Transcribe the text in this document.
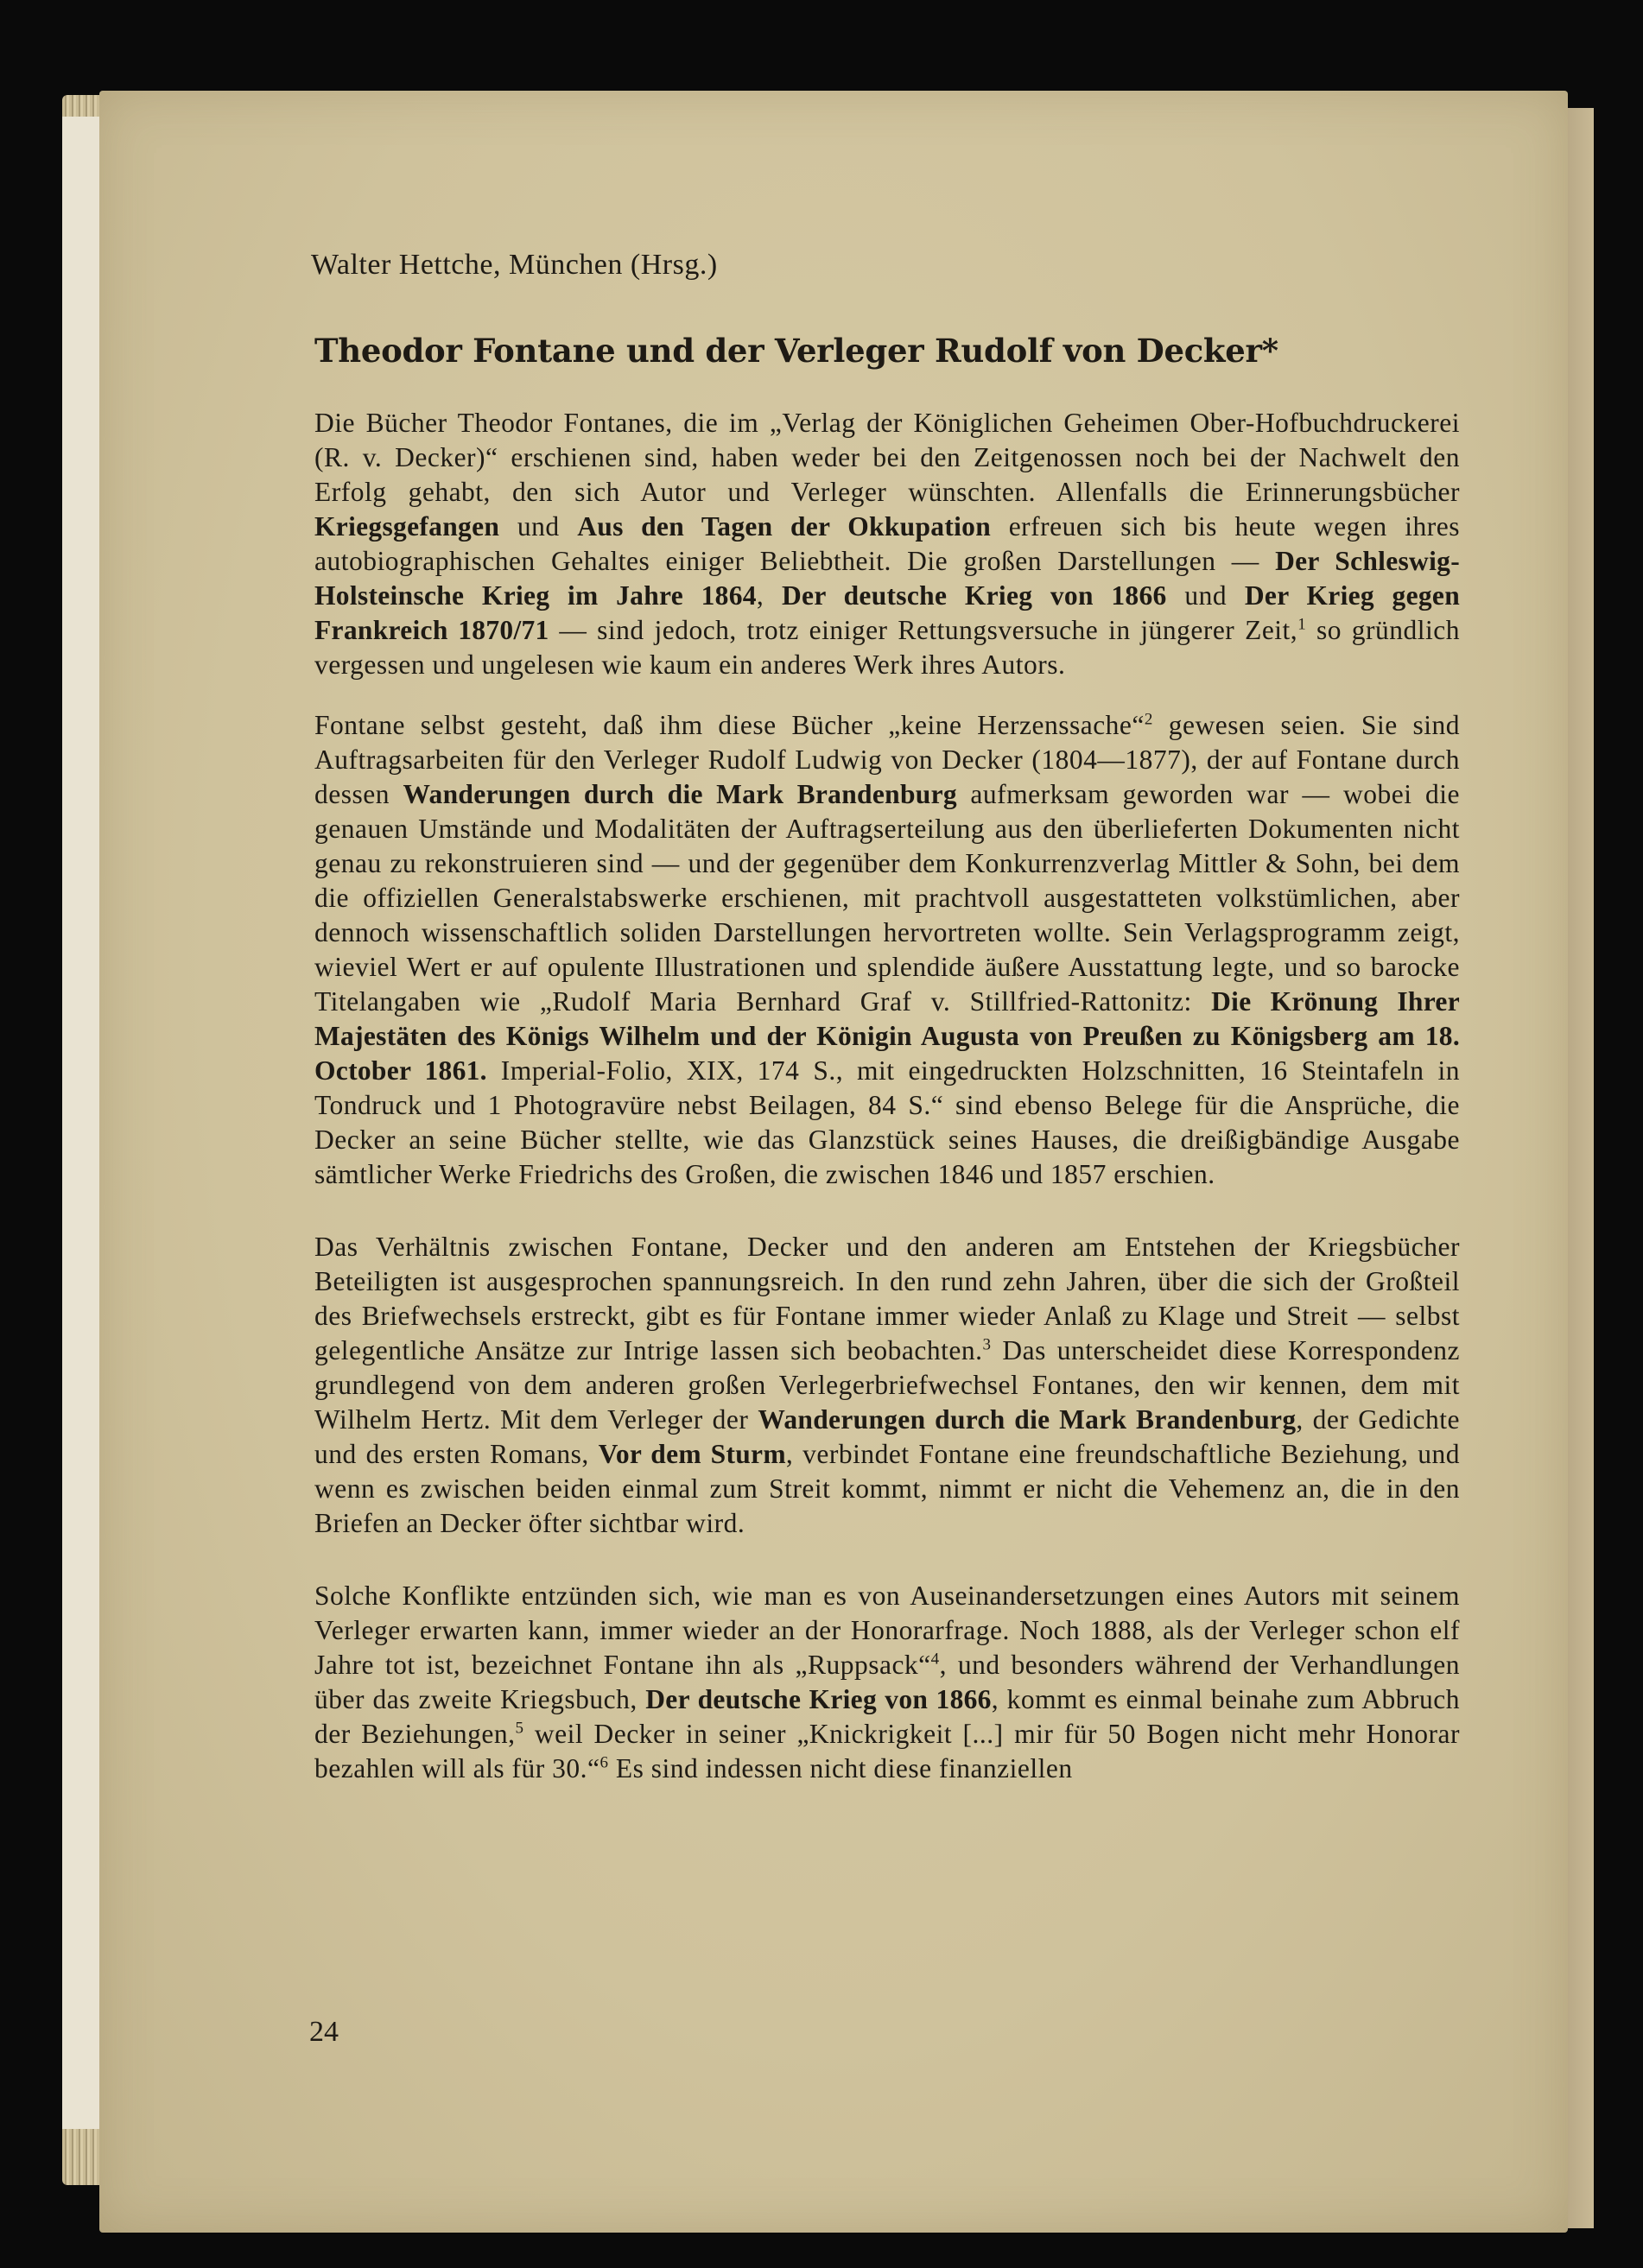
Walter Hettche, München (Hrsg.)
Theodor Fontane und der Verleger Rudolf von Decker*

Die Bücher Theodor Fontanes, die im „Verlag der Königlichen Geheimen Ober-Hofbuchdruckerei (R. v. Decker)“ erschienen sind, haben weder bei den Zeitgenossen noch bei der Nachwelt den Erfolg gehabt, den sich Autor und Verleger wünschten. Allenfalls die Erinnerungsbücher Kriegsgefangen und Aus den Tagen der Okkupation erfreuen sich bis heute wegen ihres autobiographischen Gehaltes einiger Beliebtheit. Die großen Darstellungen — Der Schleswig-Holsteinsche Krieg im Jahre 1864, Der deutsche Krieg von 1866 und Der Krieg gegen Frankreich 1870/71 — sind jedoch, trotz einiger Rettungsversuche in jüngerer Zeit,$^1$ so gründlich vergessen und ungelesen wie kaum ein anderes Werk ihres Autors.

Fontane selbst gesteht, daß ihm diese Bücher „keine Herzenssache“$^2$ gewesen seien. Sie sind Auftragsarbeiten für den Verleger Rudolf Ludwig von Decker (1804—1877), der auf Fontane durch dessen Wanderungen durch die Mark Brandenburg aufmerksam geworden war — wobei die genauen Umstände und Modalitäten der Auftragserteilung aus den überlieferten Dokumenten nicht genau zu rekonstruieren sind — und der gegenüber dem Konkurrenzverlag Mittler & Sohn, bei dem die offiziellen Generalstabswerke erschienen, mit prachtvoll ausgestatteten volkstümlichen, aber dennoch wissenschaftlich soliden Darstellungen hervortreten wollte. Sein Verlagsprogramm zeigt, wieviel Wert er auf opulente Illustrationen und splendide äußere Ausstattung legte, und so barocke Titelangaben wie „Rudolf Maria Bernhard Graf v. Stillfried-Rattonitz: Die Krönung Ihrer Majestäten des Königs Wilhelm und der Königin Augusta von Preußen zu Königsberg am 18. October 1861. Imperial-Folio, XIX, 174 S., mit eingedruckten Holzschnitten, 16 Steintafeln in Tondruck und 1 Photogravüre nebst Beilagen, 84 S.“ sind ebenso Belege für die Ansprüche, die Decker an seine Bücher stellte, wie das Glanzstück seines Hauses, die dreißigbändige Ausgabe sämtlicher Werke Friedrichs des Großen, die zwischen 1846 und 1857 erschien.

Das Verhältnis zwischen Fontane, Decker und den anderen am Entstehen der Kriegsbücher Beteiligten ist ausgesprochen spannungsreich. In den rund zehn Jahren, über die sich der Großteil des Briefwechsels erstreckt, gibt es für Fontane immer wieder Anlaß zu Klage und Streit — selbst gelegentliche Ansätze zur Intrige lassen sich beobachten.$^3$ Das unterscheidet diese Korrespondenz grundlegend von dem anderen großen Verlegerbriefwechsel Fontanes, den wir kennen, dem mit Wilhelm Hertz. Mit dem Verleger der Wanderungen durch die Mark Brandenburg, der Gedichte und des ersten Romans, Vor dem Sturm, verbindet Fontane eine freundschaftliche Beziehung, und wenn es zwischen beiden einmal zum Streit kommt, nimmt er nicht die Vehemenz an, die in den Briefen an Decker öfter sichtbar wird.

Solche Konflikte entzünden sich, wie man es von Auseinandersetzungen eines Autors mit seinem Verleger erwarten kann, immer wieder an der Honorarfrage. Noch 1888, als der Verleger schon elf Jahre tot ist, bezeichnet Fontane ihn als „Ruppsack“$^4$, und besonders während der Verhandlungen über das zweite Kriegsbuch, Der deutsche Krieg von 1866, kommt es einmal beinahe zum Abbruch der Beziehungen,$^5$ weil Decker in seiner „Knickrigkeit [...] mir für 50 Bogen nicht mehr Honorar bezahlen will als für 30.“$^6$ Es sind indessen nicht diese finanziellen

24
